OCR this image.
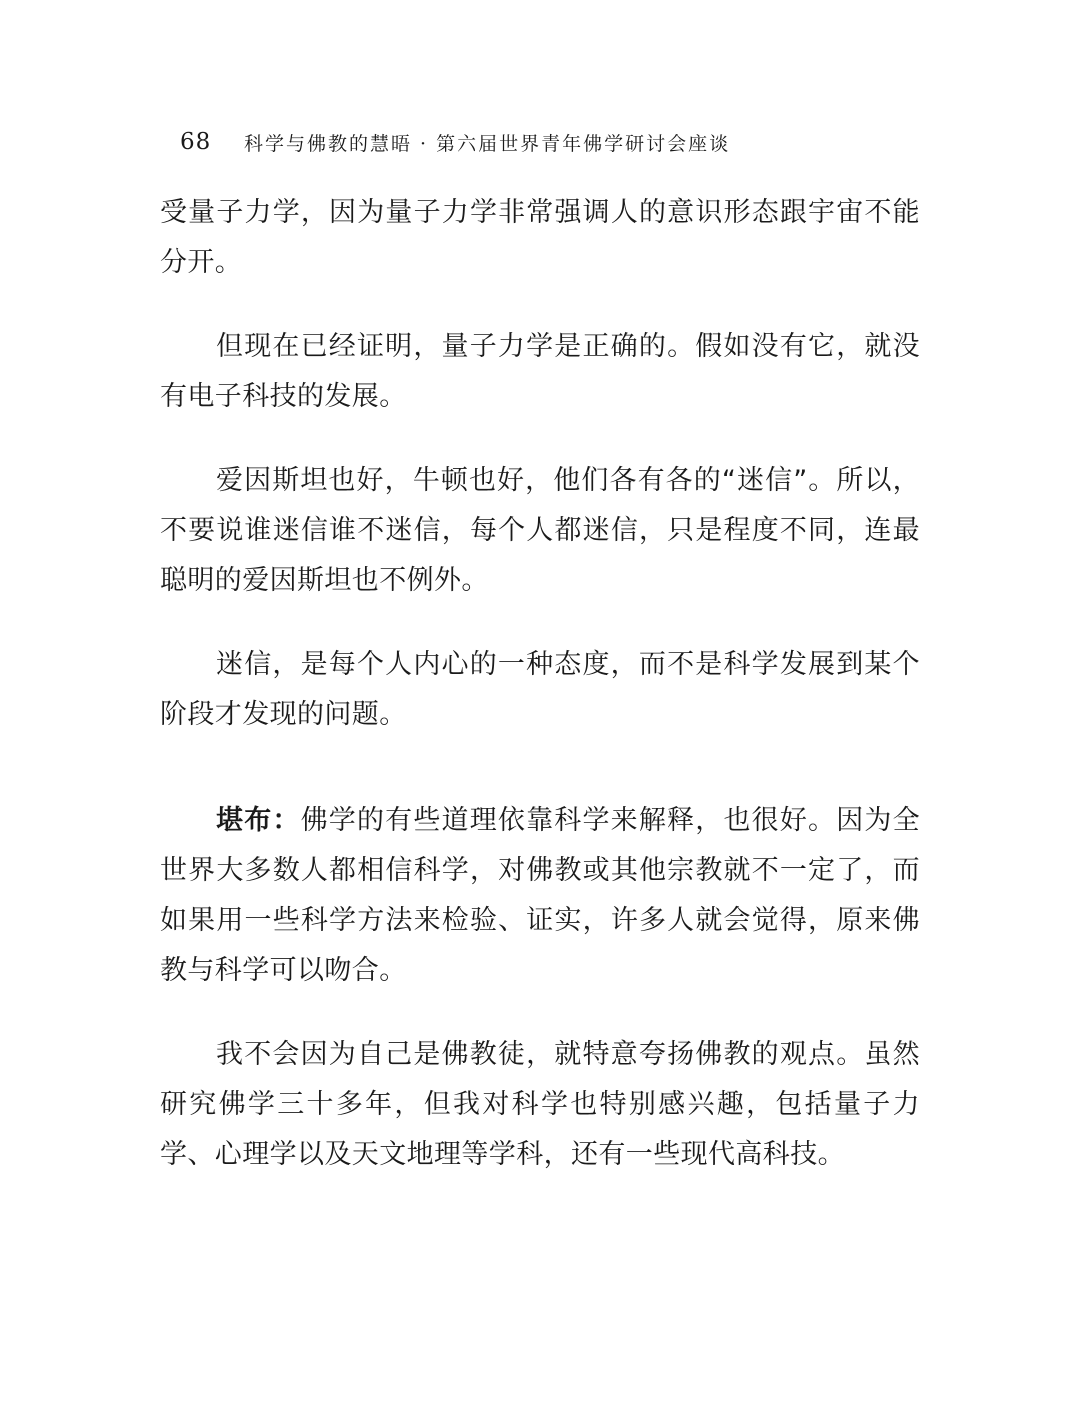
68	科学与佛教的慧晤 · 第六届世界青年佛学研讨会座谈

受量子力学，因为量子力学非常强调人的意识形态跟宇宙不能分开。

但现在已经证明，量子力学是正确的。假如没有它，就没有电子科技的发展。

爱因斯坦也好，牛顿也好，他们各有各的“迷信”。所以，不要说谁迷信谁不迷信，每个人都迷信，只是程度不同，连最聪明的爱因斯坦也不例外。

迷信，是每个人内心的一种态度，而不是科学发展到某个阶段才发现的问题。

堪布：佛学的有些道理依靠科学来解释，也很好。因为全世界大多数人都相信科学，对佛教或其他宗教就不一定了，而如果用一些科学方法来检验、证实，许多人就会觉得，原来佛教与科学可以吻合。

我不会因为自己是佛教徒，就特意夸扬佛教的观点。虽然研究佛学三十多年，但我对科学也特别感兴趣，包括量子力学、心理学以及天文地理等学科，还有一些现代高科技。
